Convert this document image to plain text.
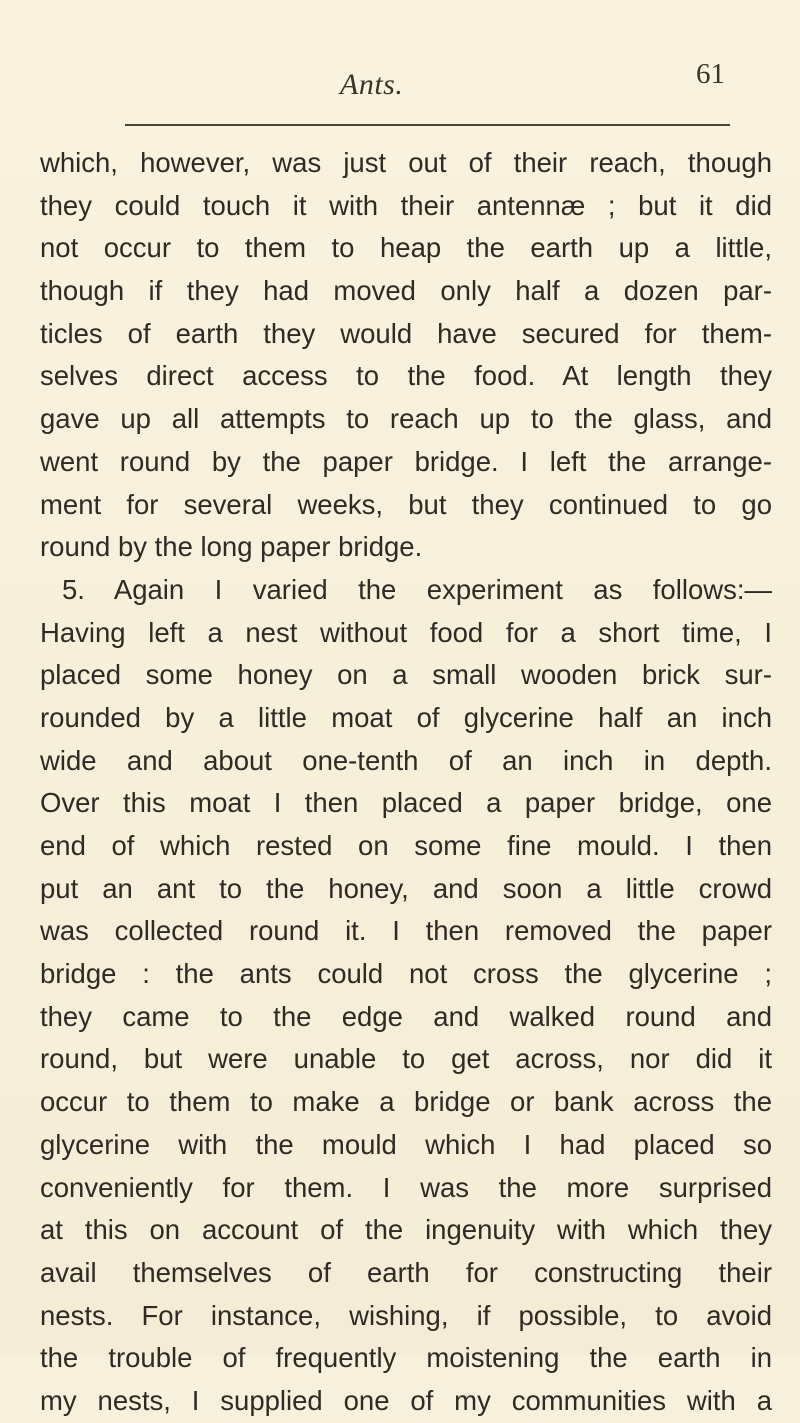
Ants.	61
which, however, was just out of their reach, though
they could touch it with their antennæ ; but it did
not occur to them to heap the earth up a little,
though if they had moved only half a dozen par-
ticles of earth they would have secured for them-
selves direct access to the food. At length they
gave up all attempts to reach up to the glass, and
went round by the paper bridge. I left the arrange-
ment for several weeks, but they continued to go
round by the long paper bridge.
5. Again I varied the experiment as follows:—
Having left a nest without food for a short time, I
placed some honey on a small wooden brick sur-
rounded by a little moat of glycerine half an inch
wide and about one-tenth of an inch in depth.
Over this moat I then placed a paper bridge, one
end of which rested on some fine mould. I then
put an ant to the honey, and soon a little crowd
was collected round it. I then removed the paper
bridge : the ants could not cross the glycerine ;
they came to the edge and walked round and
round, but were unable to get across, nor did it
occur to them to make a bridge or bank across the
glycerine with the mould which I had placed so
conveniently for them. I was the more surprised
at this on account of the ingenuity with which they
avail themselves of earth for constructing their
nests. For instance, wishing, if possible, to avoid
the trouble of frequently moistening the earth in
my nests, I supplied one of my communities with a
